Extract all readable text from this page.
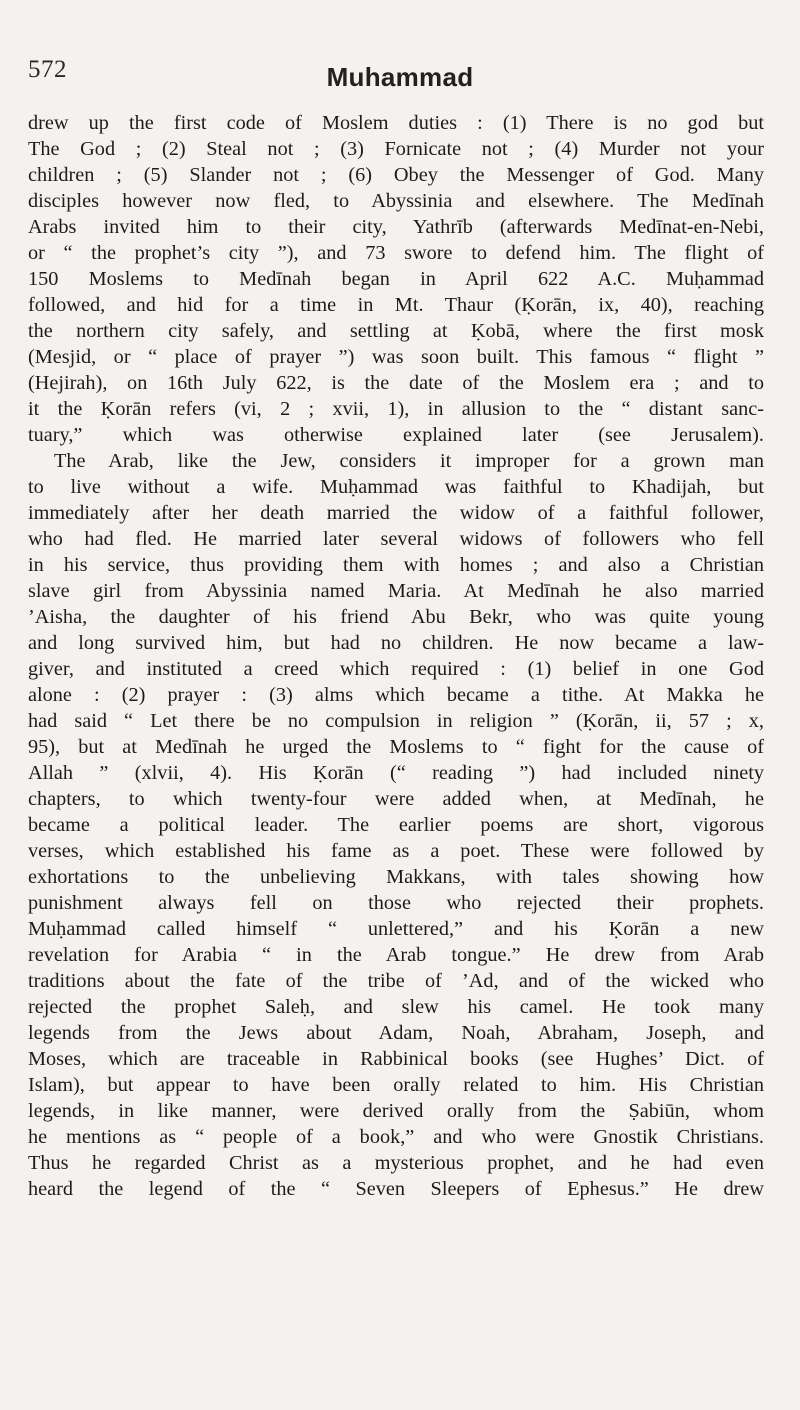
572	Muhammad
drew up the first code of Moslem duties : (1) There is no god but
The God ; (2) Steal not ; (3) Fornicate not ; (4) Murder not your
children ; (5) Slander not ; (6) Obey the Messenger of God. Many
disciples however now fled, to Abyssinia and elsewhere. The Medīnah
Arabs invited him to their city, Yathrīb (afterwards Medīnat-en-Nebi,
or “ the prophet’s city ”), and 73 swore to defend him. The flight of
150 Moslems to Medīnah began in April 622 A.C. Muḥammad
followed, and hid for a time in Mt. Thaur (Ḳorān, ix, 40), reaching
the northern city safely, and settling at Ḳobā, where the first mosk
(Mesjid, or “ place of prayer ”) was soon built. This famous “ flight ”
(Hejirah), on 16th July 622, is the date of the Moslem era ; and to
it the Ḳorān refers (vi, 2 ; xvii, 1), in allusion to the “ distant sanc-
tuary,” which was otherwise explained later (see Jerusalem).
The Arab, like the Jew, considers it improper for a grown man
to live without a wife. Muḥammad was faithful to Khadijah, but
immediately after her death married the widow of a faithful follower,
who had fled. He married later several widows of followers who fell
in his service, thus providing them with homes ; and also a Christian
slave girl from Abyssinia named Maria. At Medīnah he also married
’Aisha, the daughter of his friend Abu Bekr, who was quite young
and long survived him, but had no children. He now became a law-
giver, and instituted a creed which required : (1) belief in one God
alone : (2) prayer : (3) alms which became a tithe. At Makka he
had said “ Let there be no compulsion in religion ” (Ḳorān, ii, 57 ; x,
95), but at Medīnah he urged the Moslems to “ fight for the cause of
Allah ” (xlvii, 4). His Ḳorān (“ reading ”) had included ninety
chapters, to which twenty-four were added when, at Medīnah, he
became a political leader. The earlier poems are short, vigorous
verses, which established his fame as a poet. These were followed by
exhortations to the unbelieving Makkans, with tales showing how
punishment always fell on those who rejected their prophets.
Muḥammad called himself “ unlettered,” and his Ḳorān a new
revelation for Arabia “ in the Arab tongue.” He drew from Arab
traditions about the fate of the tribe of ’Ad, and of the wicked who
rejected the prophet Saleḥ, and slew his camel. He took many
legends from the Jews about Adam, Noah, Abraham, Joseph, and
Moses, which are traceable in Rabbinical books (see Hughes’ Dict. of
Islam), but appear to have been orally related to him. His Christian
legends, in like manner, were derived orally from the Ṣabiūn, whom
he mentions as “ people of a book,” and who were Gnostik Christians.
Thus he regarded Christ as a mysterious prophet, and he had even
heard the legend of the “ Seven Sleepers of Ephesus.” He drew
